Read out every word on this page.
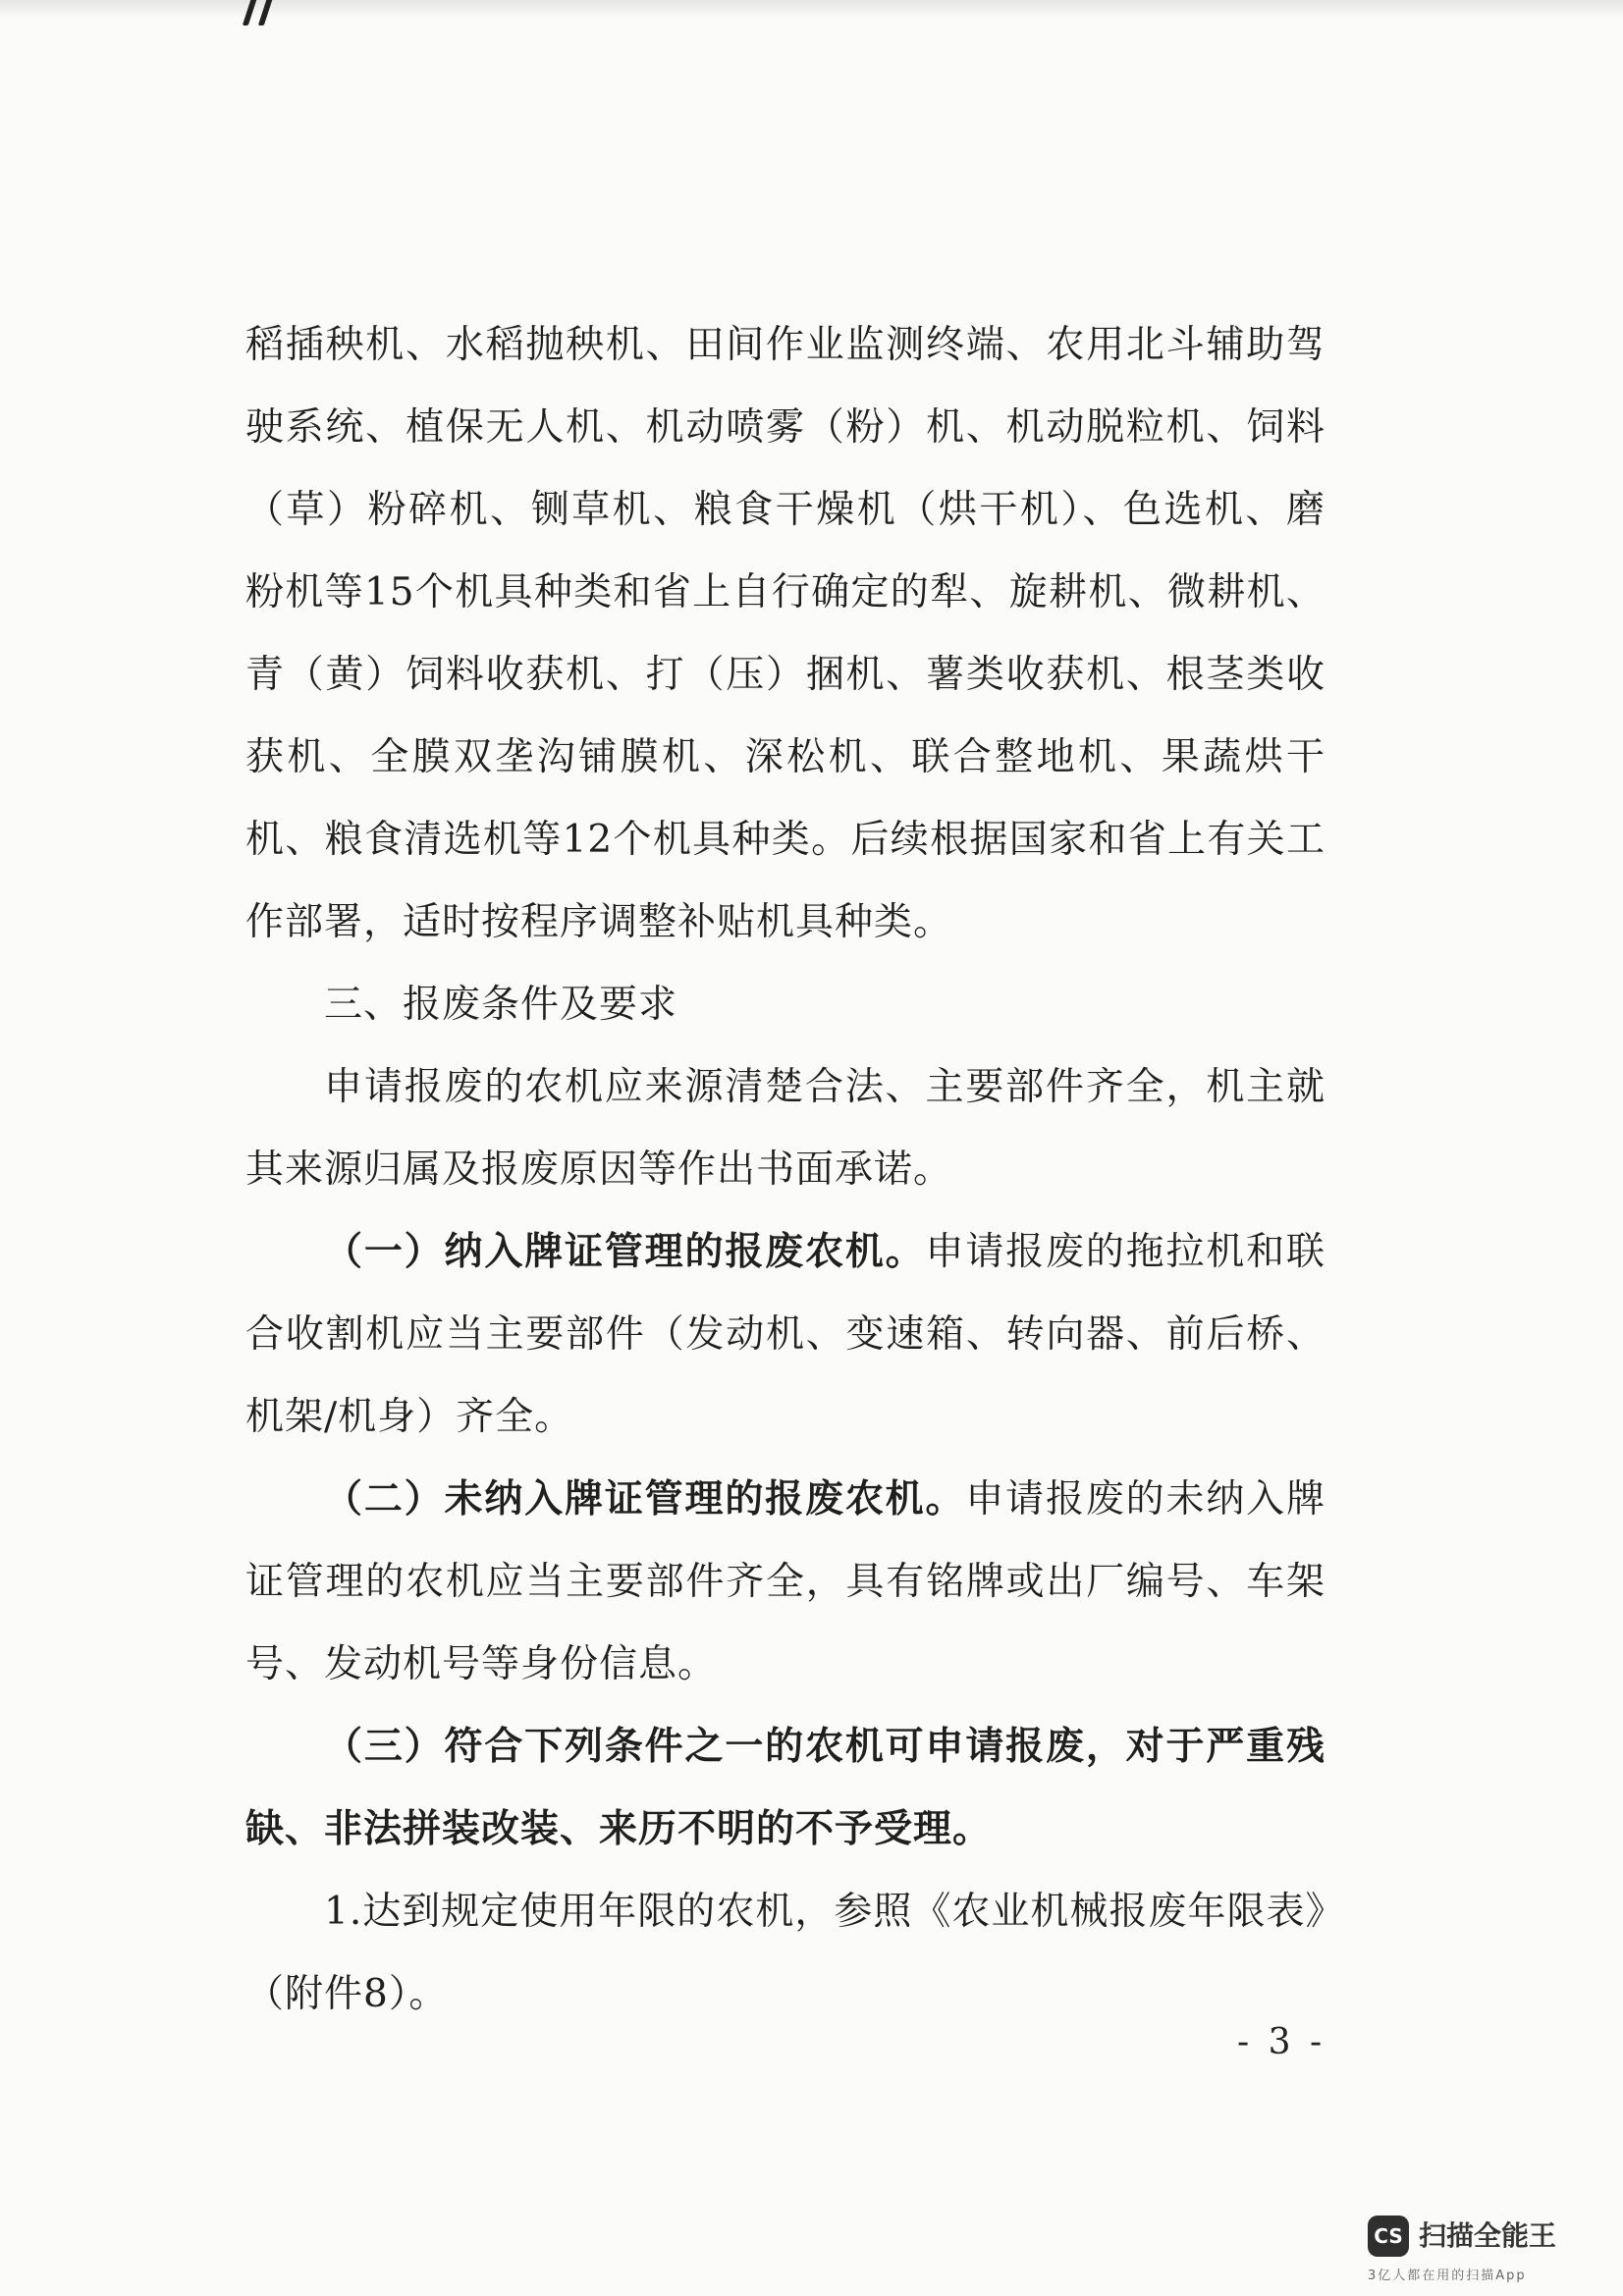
稻插秧机、水稻抛秧机、田间作业监测终端、农用北斗辅助驾驶系统、植保无人机、机动喷雾（粉）机、机动脱粒机、饲料（草）粉碎机、铡草机、粮食干燥机（烘干机）、色选机、磨粉机等15个机具种类和省上自行确定的犁、旋耕机、微耕机、青（黄）饲料收获机、打（压）捆机、薯类收获机、根茎类收获机、全膜双垄沟铺膜机、深松机、联合整地机、果蔬烘干机、粮食清选机等12个机具种类。后续根据国家和省上有关工作部署，适时按程序调整补贴机具种类。

三、报废条件及要求

申请报废的农机应来源清楚合法、主要部件齐全，机主就其来源归属及报废原因等作出书面承诺。

（一）纳入牌证管理的报废农机。申请报废的拖拉机和联合收割机应当主要部件（发动机、变速箱、转向器、前后桥、机架/机身）齐全。

（二）未纳入牌证管理的报废农机。申请报废的未纳入牌证管理的农机应当主要部件齐全，具有铭牌或出厂编号、车架号、发动机号等身份信息。

（三）符合下列条件之一的农机可申请报废，对于严重残缺、非法拼装改装、来历不明的不予受理。

1.达到规定使用年限的农机，参照《农业机械报废年限表》（附件8）。

- 3 -
CS 扫描全能王
3亿人都在用的扫描App
